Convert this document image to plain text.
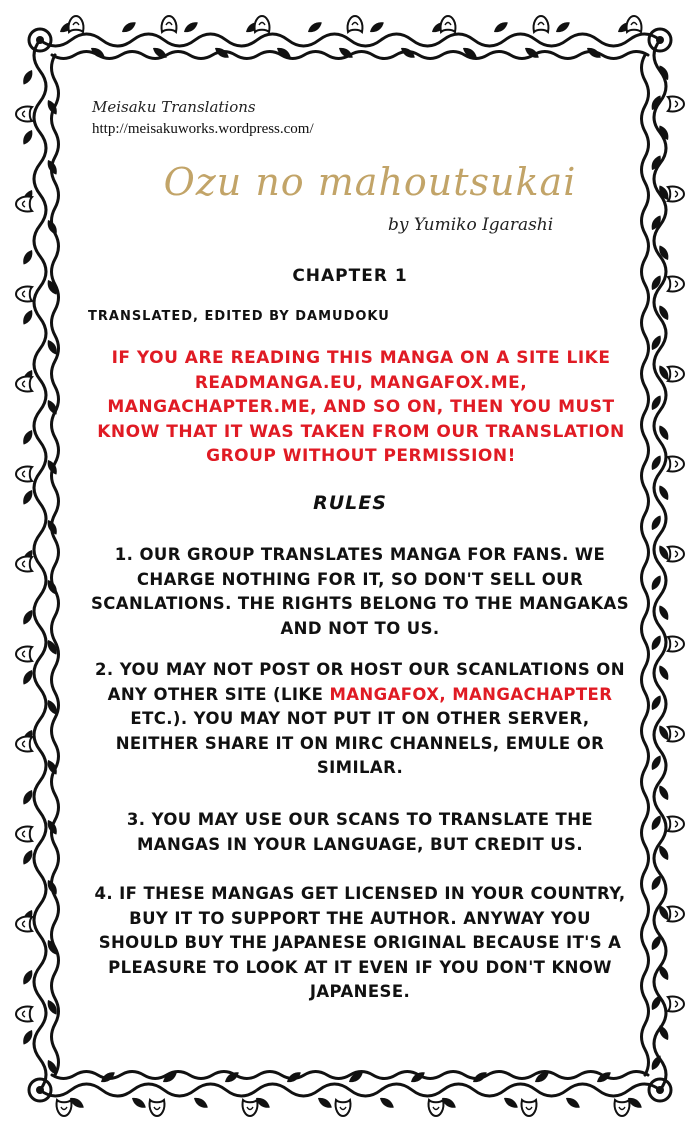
Meisaku Translations
http://meisakuworks.wordpress.com/
Ozu no mahoutsukai
by Yumiko Igarashi
CHAPTER 1
TRANSLATED, EDITED BY DAMUDOKU
IF YOU ARE READING THIS MANGA ON A SITE LIKE READMANGA.EU, MANGAFOX.ME, MANGACHAPTER.ME, AND SO ON, THEN YOU MUST KNOW THAT IT WAS TAKEN FROM OUR TRANSLATION GROUP WITHOUT PERMISSION!
RULES
1. OUR GROUP TRANSLATES MANGA FOR FANS. WE CHARGE NOTHING FOR IT, SO DON'T SELL OUR SCANLATIONS. THE RIGHTS BELONG TO THE MANGAKAS AND NOT TO US.
2. YOU MAY NOT POST OR HOST OUR SCANLATIONS ON ANY OTHER SITE (LIKE MANGAFOX, MANGACHAPTER ETC.). YOU MAY NOT PUT IT ON OTHER SERVER, NEITHER SHARE IT ON MIRC CHANNELS, EMULE OR SIMILAR.
3. YOU MAY USE OUR SCANS TO TRANSLATE THE MANGAS IN YOUR LANGUAGE, BUT CREDIT US.
4. IF THESE MANGAS GET LICENSED IN YOUR COUNTRY, BUY IT TO SUPPORT THE AUTHOR. ANYWAY YOU SHOULD BUY THE JAPANESE ORIGINAL BECAUSE IT'S A PLEASURE TO LOOK AT IT EVEN IF YOU DON'T KNOW JAPANESE.
